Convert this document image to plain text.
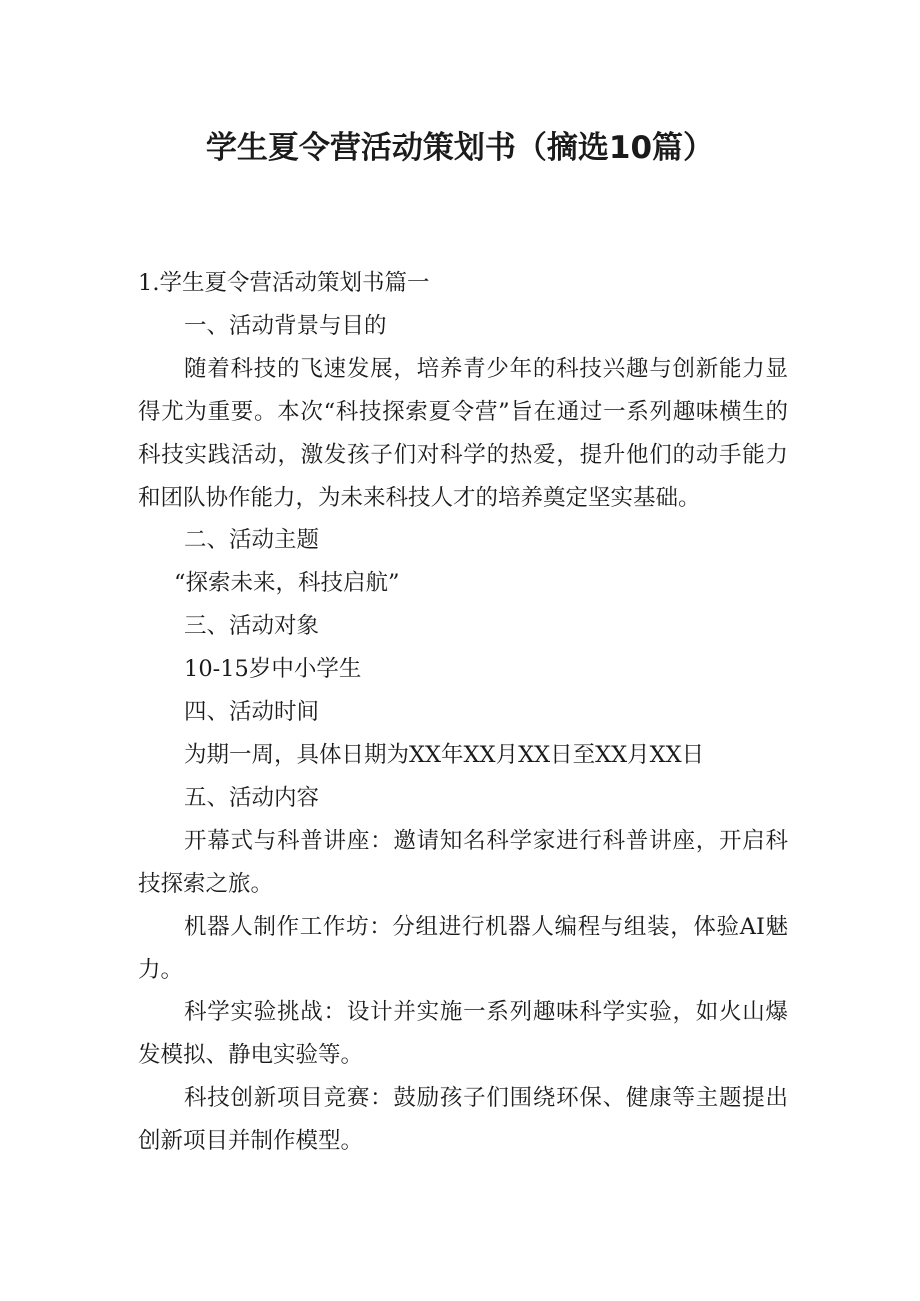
学生夏令营活动策划书（摘选10篇）

1.学生夏令营活动策划书篇一

一、活动背景与目的

随着科技的飞速发展，培养青少年的科技兴趣与创新能力显得尤为重要。本次“科技探索夏令营”旨在通过一系列趣味横生的科技实践活动，激发孩子们对科学的热爱，提升他们的动手能力和团队协作能力，为未来科技人才的培养奠定坚实基础。

二、活动主题

“探索未来，科技启航”

三、活动对象

10-15岁中小学生

四、活动时间

为期一周，具体日期为XX年XX月XX日至XX月XX日

五、活动内容

开幕式与科普讲座：邀请知名科学家进行科普讲座，开启科技探索之旅。

机器人制作工作坊：分组进行机器人编程与组装，体验AI魅力。

科学实验挑战：设计并实施一系列趣味科学实验，如火山爆发模拟、静电实验等。

科技创新项目竞赛：鼓励孩子们围绕环保、健康等主题提出创新项目并制作模型。
